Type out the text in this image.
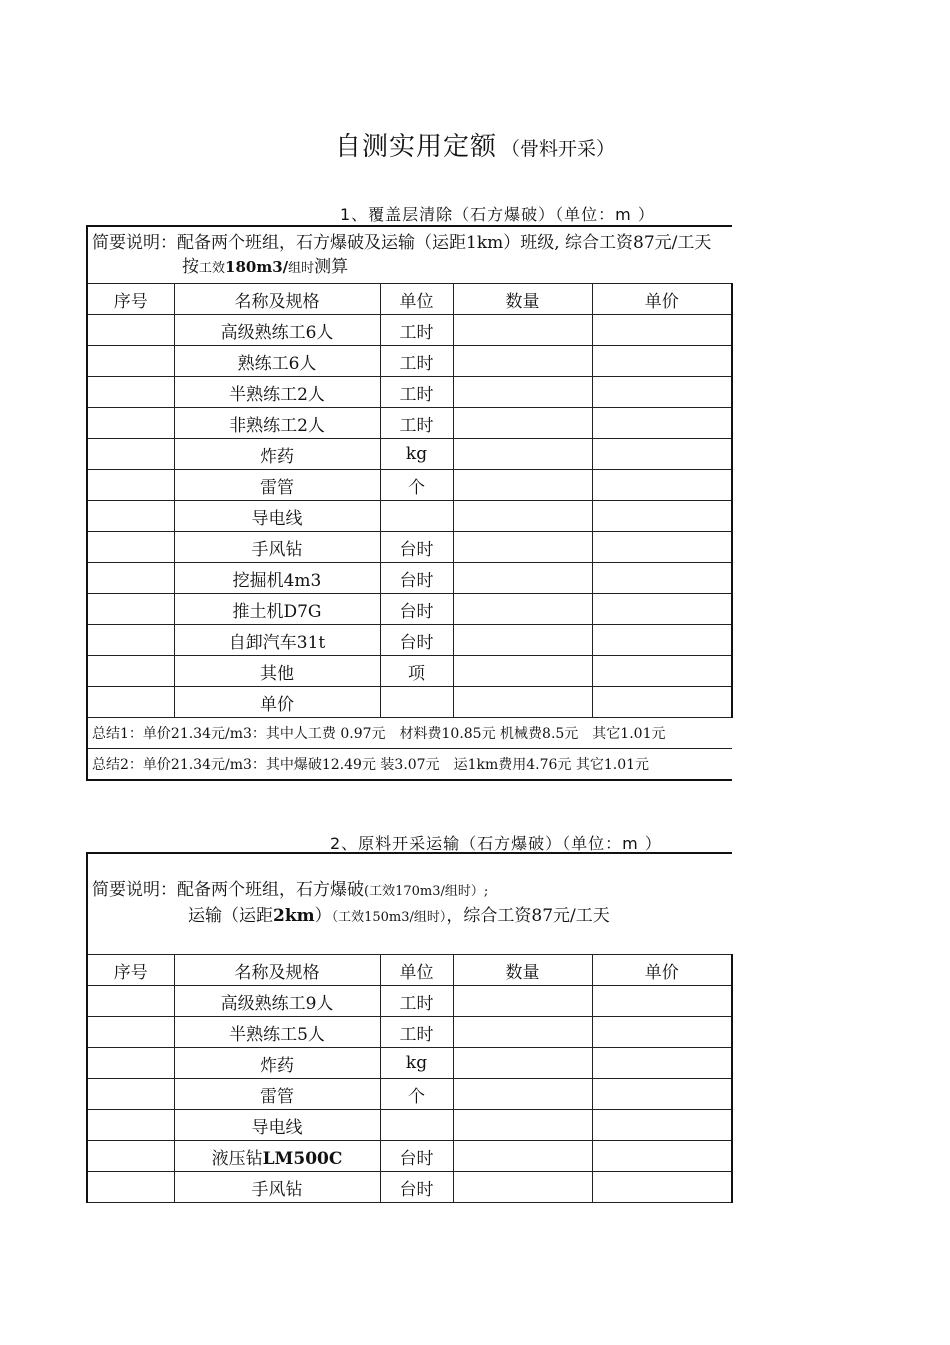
自测实用定额 （骨料开采）
1、覆盖层清除（石方爆破）（单位：m ）
简要说明：配备两个班组，石方爆破及运输（运距1km）班级, 综合工资87元/工天
按工效180m3/组时测算				

序号	名称及规格	单位	数量	单价
	高级熟练工6人	工时		
	熟练工6人	工时		
	半熟练工2人	工时		
	非熟练工2人	工时		
	炸药	kg		
	雷管	个		
	导电线			
	手风钻	台时		
	挖掘机4m3	台时		
	推土机D7G	台时		
	自卸汽车31t	台时		
	其他	项		
	单价			
总结1：单价21.34元/m3：其中人工费 0.97元　材料费10.85元 机械费8.5元　其它1.01元				
总结2：单价21.34元/m3：其中爆破12.49元 装3.07元　运1km费用4.76元 其它1.01元				
2、原料开采运输（石方爆破）（单位：m ）
简要说明：配备两个班组，石方爆破(工效170m3/组时）;
运输（运距2km）（工效150m3/组时），综合工资87元/工天				

序号	名称及规格	单位	数量	单价
	高级熟练工9人	工时		
	半熟练工5人	工时		
	炸药	kg		
	雷管	个		
	导电线			
	液压钻LM500C	台时		
	手风钻	台时		
